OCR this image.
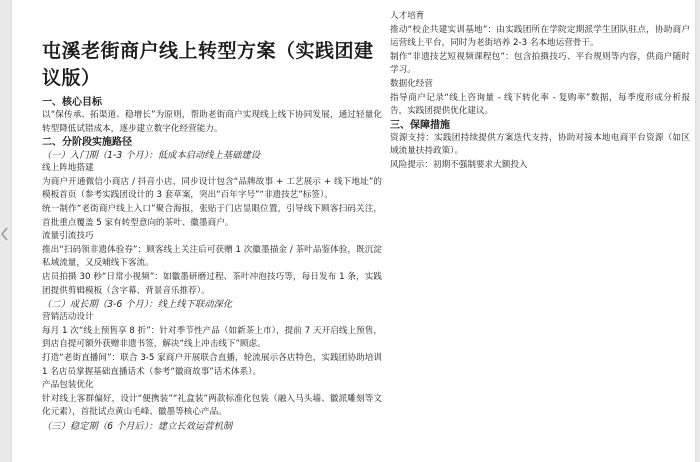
屯溪老街商户线上转型方案（实践团建议版）
一、核心目标
以“保传承、拓渠道、稳增长”为原则，帮助老街商户实现线上线下协同发展，通过轻量化转型降低试错成本，逐步建立数字化经营能力。
二、分阶段实施路径
（一）入门期（1-3 个月）：低成本启动线上基础建设
线上阵地搭建
为商户开通微信小商店 / 抖音小店，同步设计包含“品牌故事 + 工艺展示 + 线下地址”的模板首页（参考实践团设计的 3 套草案，突出“百年字号”“非遗技艺”标签）。
统一制作“老街商户线上入口”聚合海报，张贴于门店显眼位置，引导线下顾客扫码关注，首批重点覆盖 5 家有转型意向的茶叶、徽墨商户。
流量引流技巧
推出“扫码领非遗体验券”：顾客线上关注后可获赠 1 次徽墨描金 / 茶叶品鉴体验，既沉淀私域流量，又反哺线下客流。
店员拍摄 30 秒“日常小视频”：如徽墨研磨过程、茶叶冲泡技巧等，每日发布 1 条，实践团提供剪辑模板（含字幕、背景音乐推荐）。
（二）成长期（3-6 个月）：线上线下联动深化
营销活动设计
每月 1 次“线上预售享 8 折”：针对季节性产品（如新茶上市），提前 7 天开启线上预售，到店自提可额外获赠非遗书签，解决“线上冲击线下”顾虑。
打造“老街直播间”：联合 3-5 家商户开展联合直播，轮流展示各店特色，实践团协助培训 1 名店员掌握基础直播话术（参考“徽商故事”话术体系）。
产品包装优化
针对线上客群偏好，设计“便携装”“礼盒装”两款标准化包装（融入马头墙、徽派雕刻等文化元素），首批试点黄山毛峰、徽墨等核心产品。
（三）稳定期（6 个月后）：建立长效运营机制
人才培育
推动“校企共建实训基地”：由实践团所在学院定期派学生团队驻点，协助商户运营线上平台，同时为老街培养 2-3 名本地运营骨干。
制作“非遗技艺短视频课程包”：包含拍摄技巧、平台规则等内容，供商户随时学习。
数据化经营
指导商户记录“线上咨询量 - 线下转化率 - 复购率”数据，每季度形成分析报告，实践团提供优化建议。
三、保障措施
资源支持：实践团持续提供方案迭代支持，协助对接本地电商平台资源（如区域流量扶持政策）。
风险提示：初期不强制要求大额投入
